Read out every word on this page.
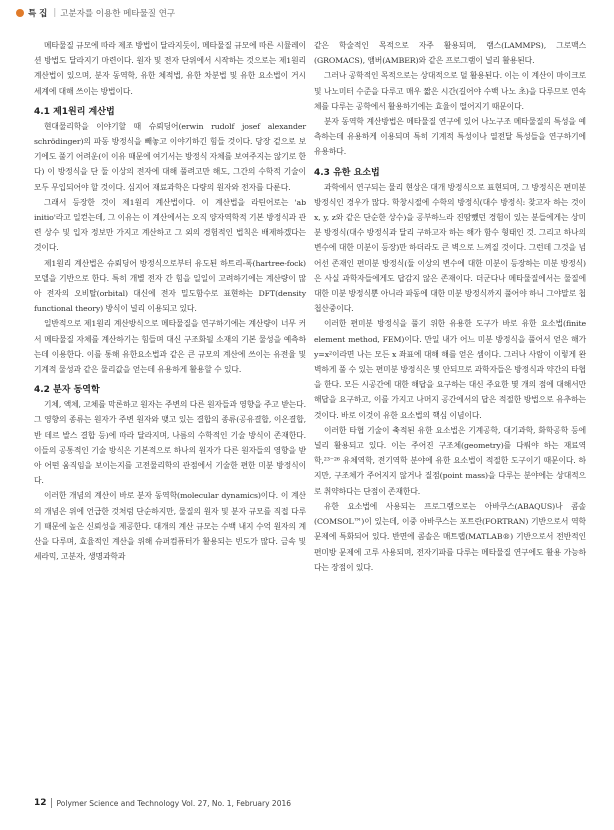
특 집 | 고분자를 이용한 메타물질 연구

메타물질 규모에 따라 제조 방법이 달라지듯이, 메타물질 규모에 따른 시뮬레이션 방법도 달라지기 마련이다. 원자 및 전자 단위에서 시작하는 것으로는 제1원리 계산법이 있으며, 분자 동역학, 유한 체적법, 유한 차분법 및 유한 요소법이 거시 세계에 대해 쓰이는 방법이다.

4.1 제1원리 계산법

현대물리학을 이야기할 때 슈뢰딩어(erwin rudolf josef alexander schrödinger)의 파동 방정식을 빼놓고 이야기하긴 힘들 것이다. 당장 겉으로 보기에도 풀기 어려운(이 이유 때문에 여기서는 방정식 자체를 보여주지는 않기로 한다) 이 방정식을 단 둘 이상의 전자에 대해 풀려고만 해도, 그간의 수학적 기술이 모두 무입되어야 할 것이다. 심지어 재료과학은 다량의 원자와 전자를 다룬다.

그래서 등장한 것이 제1원리 계산법이다. 이 계산법을 라틴어로는 'ab initio'라고 일컫는데, 그 이유는 이 계산에서는 오직 양자역학적 기본 방정식과 관련 상수 및 입자 정보만 가지고 계산하고 그 외의 경험적인 법칙은 배제하겠다는 것이다.

제1원리 계산법은 슈뢰딩어 방정식으로부터 유도된 하트리-폭(hartree-fock) 모델을 기반으로 한다. 특히 개별 전자 간 힘을 일일이 고려하기에는 계산량이 많아 전자의 오비탈(orbital) 대신에 전자 밀도함수로 표현하는 DFT(density functional theory) 방식이 널리 이용되고 있다.

일반적으로 제1원리 계산방식으로 메타물질을 연구하기에는 계산량이 너무 커서 메타물질 자체를 계산하기는 힘들며 대신 구조화될 소재의 기본 물성을 예측하는데 이용한다. 이를 통해 유한요소법과 같은 큰 규모의 계산에 쓰이는 유전율 및 기계적 물성과 같은 물리값을 얻는데 유용하게 활용할 수 있다.

4.2 분자 동역학

기체, 액체, 고체를 막론하고 원자는 주변의 다른 원자들과 영향을 주고 받는다. 그 영향의 종류는 원자가 주변 원자와 맺고 있는 결합의 종류(공유결합, 이온결합, 반 데르 발스 결합 등)에 따라 달라지며, 나름의 수학적인 기술 방식이 존재한다. 이들의 공통적인 기술 방식은 기본적으로 하나의 원자가 다른 원자들의 영향을 받아 어떤 움직임을 보이는지를 고전물리학의 관점에서 기술한 편한 미분 방정식이다.

이러한 개념의 계산이 바로 분자 동역학(molecular dynamics)이다. 이 계산의 개념은 위에 언급한 것처럼 단순하지만, 물질의 원자 및 분자 규모를 직접 다루기 때문에 높은 신뢰성을 제공한다. 대개의 계산 규모는 수백 내지 수억 원자의 계산을 다루며, 효율적인 계산을 위해 슈퍼컴퓨터가 활용되는 빈도가 많다. 금속 및 세라믹, 고분자, 생명과학과

같은 학술적인 목적으로 자주 활용되며, 램스(LAMMPS), 그로맥스(GROMACS), 앰버(AMBER)와 같은 프로그램이 널리 활용된다.

그러나 공학적인 목적으로는 상대적으로 덜 활용된다. 이는 이 계산이 마이크로 및 나노미터 수준을 다루고 매우 짧은 시간(길어야 수백 나노 초)을 다루므로 연속체를 다루는 공학에서 활용하기에는 효율이 떨어지기 때문이다.

분자 동역학 계산방법은 메타물질 연구에 있어 나노구조 메타물질의 특성을 예측하는데 유용하게 이용되며 특히 기계적 특성이나 열전달 특성들을 연구하기에 유용하다.

4.3 유한 요소법

과학에서 연구되는 물리 현상은 대개 방정식으로 표현되며, 그 방정식은 편미분 방정식인 경우가 많다. 학창시절에 수학의 방정식(대수 방정식: 찾고자 하는 것이 x, y, z와 같은 단순한 상수)을 공부하느라 진땀뺐던 경험이 있는 분들에게는 상미분 방정식(대수 방정식과 달리 구하고자 하는 해가 함수 형태인 것. 그리고 하나의 변수에 대한 미분이 등장)만 하더라도 큰 벽으로 느껴질 것이다. 그런데 그것을 넘어선 존재인 편미분 방정식(둘 이상의 변수에 대한 미분이 등장하는 미분 방정식)은 사실 과학자들에게도 답감지 않은 존재이다. 더군다나 메타물질에서는 물질에 대한 미분 방정식뿐 아니라 파동에 대한 미분 방정식까지 풀어야 하니 그야말로 첩첩산중이다.

이러한 편미분 방정식을 풀기 위한 유용한 도구가 바로 유한 요소법(finite element method, FEM)이다. 만일 내가 어느 미분 방정식을 풀어서 얻은 해가 y=x²이라면 나는 모든 x 좌표에 대해 해를 얻은 셈이다. 그러나 사람이 이렇게 완벽하게 풀 수 있는 편미분 방정식은 몇 안되므로 과학자들은 방정식과 약간의 타협을 한다. 모든 시공간에 대한 해답을 요구하는 대신 주요한 몇 개의 점에 대해서만 해답을 요구하고, 이를 가지고 나머지 공간에서의 답은 적절한 방법으로 유추하는 것이다. 바로 이것이 유한 요소법의 핵심 이념이다.

이러한 타협 기술이 축적된 유한 요소법은 기계공학, 대기과학, 화학공학 등에 널리 활용되고 있다. 이는 주어진 구조체(geometry)를 다뤄야 하는 재료역학,²³⁻²⁶ 유체역학, 전기역학 분야에 유한 요소법이 적절한 도구이기 때문이다. 하지만, 구조체가 주어지지 않거나 질점(point mass)을 다루는 분야에는 상대적으로 취약하다는 단점이 존재한다.

유한 요소법에 사용되는 프로그램으로는 아바쿠스(ABAQUS)나 콤솔(COMSOL™)이 있는데, 이중 아바쿠스는 포트란(FORTRAN) 기반으로서 역학 문제에 특화되어 있다. 반면에 콤솔은 매트랩(MATLAB®) 기반으로서 전반적인 편미방 문제에 고루 사용되며, 전자기파를 다루는 메타물질 연구에도 활용 가능하다는 장점이 있다.

12 Polymer Science and Technology Vol. 27, No. 1, February 2016
